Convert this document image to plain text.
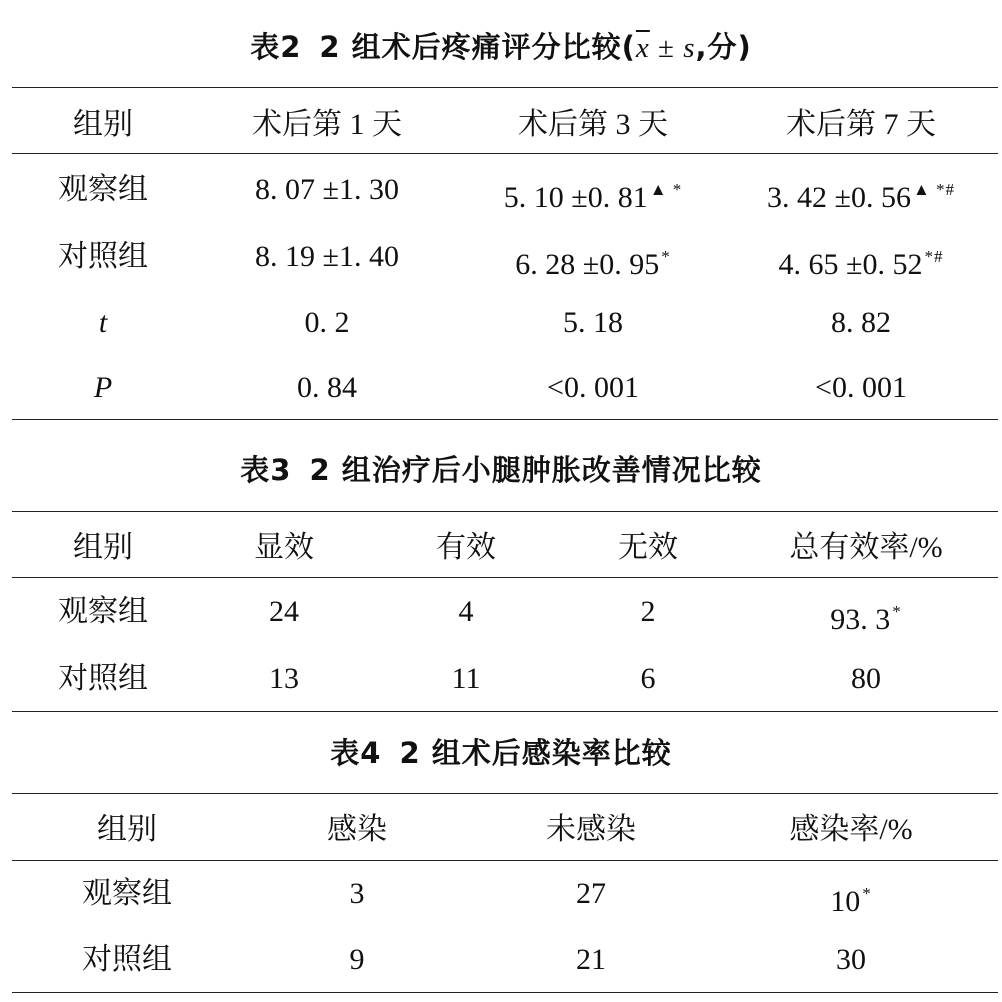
表2 2 组术后疼痛评分比较($\overline{x} \pm s$,分)
组别	术后第 1 天	术后第 3 天	术后第 7 天
观察组	8. 07 ±1. 30	5. 10 ±0. 81 ▲ *	3. 42 ±0. 56 ▲ *#
对照组	8. 19 ±1. 40	6. 28 ±0. 95 *	4. 65 ±0. 52 *#
t	0. 2	5. 18	8. 82
P	0. 84	<0. 001	<0. 001
表3 2 组治疗后小腿肿胀改善情况比较
组别	显效	有效	无效	总有效率/%
观察组	24	4	2	93. 3 *
对照组	13	11	6	80
表4 2 组术后感染率比较
组别	感染	未感染	感染率/%
观察组	3	27	10 *
对照组	9	21	30
